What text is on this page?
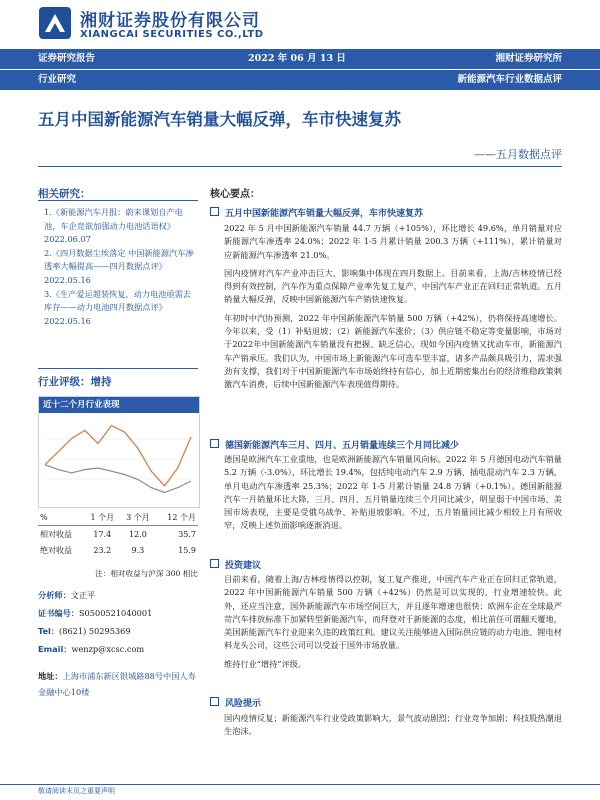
湘财证券股份有限公司
XIANGCAI SECURITIES CO.,LTD
证券研究报告	2022 年 06 月 13 日	湘财证券研究所
行业研究	新能源汽车行业数据点评
五月中国新能源汽车销量大幅反弹，车市快速复苏
——五月数据点评
相关研究：

1.《新能源汽车月报：蔚来课划自产电池，车企竞欲加强动力电池话语权》2022.06.07

2.《四月数据尘埃落定 中国新能源汽车渗透率大幅提高——四月数据点评》2022.05.16

3.《生产爱运超装恢复，动力电池亟需去库存——动力电池四月数据点评》2022.05.16

行业评级：增持
近十二个月行业表现
%	1 个月	3 个月	12 个月
相对收益	17.4	12.0	35.7
绝对收益	23.2	9.3	15.9
注：相对收益与沪深 300 相比
分析师：文正平
证书编号：S0500521040001
Tel：(8621) 50295369
Email：wenzp@xcsc.com
地址：上海市浦东新区银城路88号中国人寿金融中心10楼
核心要点：
五月中国新能源汽车销量大幅反弹，车市快速复苏

2022 年 5 月中国新能源汽车销量 44.7 万辆（+105%），环比增长 49.6%，单月销量对应新能源汽车渗透率 24.0%；2022 年 1-5 月累计销量 200.3 万辆（+111%），累计销量对应新能源汽车渗透率 21.0%。

国内疫情对汽车产业冲击巨大，影响集中体现在四月数据上。目前来看，上海/吉林疫情已经得到有效控制，汽车作为重点保障产业率先复工复产，中国汽车产业正在回归正常轨道。五月销量大幅反弹，反映中国新能源汽车产销快速恢复。

年初时中汽协预测，2022 年中国新能源汽车销量 500 万辆（+42%），仍将保持高速增长。今年以来，受（1）补贴退坡；（2）新能源汽车涨价；（3）供应链不稳定等变量影响，市场对于2022年中国新能源汽车销量没有把握、缺乏信心，现如今国内疫情又扰动车市，新能源汽车产销承压。我们认为，中国市场上新能源汽车可选车型丰富，诸多产品颇具吸引力，需求强劲有支撑，我们对于中国新能源汽车市场始终持有信心，加上近期密集出台的经济维稳政策刺激汽车消费，后续中国新能源汽车表现值得期待。

德国新能源汽车三月、四月、五月销量连续三个月同比减少

德国是欧洲汽车工业重地，也是欧洲新能源汽车销量风向标。2022 年 5 月德国电动汽车销量 5.2 万辆（-3.0%），环比增长 19.4%，包括纯电动汽车 2.9 万辆、插电混动汽车 2.3 万辆，单月电动汽车渗透率 25.3%；2022 年 1-5 月累计销量 24.8 万辆（+0.1%）。德国新能源汽车一月销量环比大降，三月、四月、五月销量连续三个月同比减少，明显弱于中国市场、美国市场表现，主要是受俄乌战争、补贴退坡影响。不过，五月销量同比减少相较上月有所收窄，反映上述负面影响逐渐消退。

投资建议

目前来看，随着上海/吉林疫情得以控制，复工复产推进，中国汽车产业正在回归正常轨道，2022 年中国新能源汽车销量 500 万辆（+42%）仍然是可以实现的，行业增速较快。此外，还应当注意，国外新能源汽车市场空间巨大，并且逐年增速也很快：欧洲车企在全球最严苛汽车排放标准下加紧转型新能源汽车，而拜登对于新能源的态度，相比前任可谓翻天覆地，美国新能源汽车行业迎来久违的政策红利。建议关注能够进入国际供应链的动力电池、锂电材料龙头公司，这些公司可以受益于国外市场放量。

维持行业“增持”评级。

风险提示

国内疫情反复；新能源汽车行业受政策影响大，景气波动剧烈；行业竞争加剧；科技股热潮退生泡沫。

敬请阅读末页之重要声明
